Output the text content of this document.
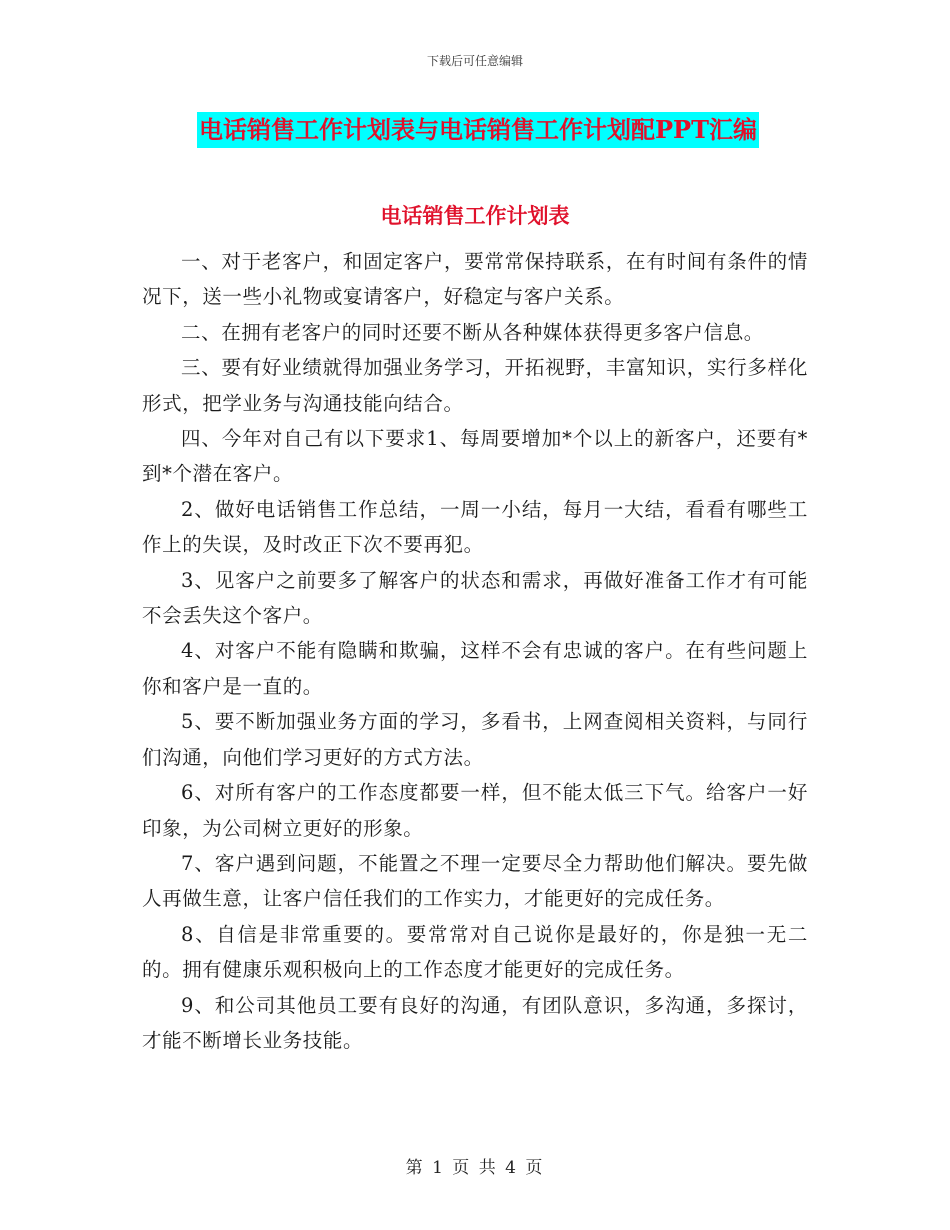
下载后可任意编辑
电话销售工作计划表与电话销售工作计划配PPT汇编
电话销售工作计划表

一、对于老客户，和固定客户，要常常保持联系，在有时间有条件的情况下，送一些小礼物或宴请客户，好稳定与客户关系。

二、在拥有老客户的同时还要不断从各种媒体获得更多客户信息。

三、要有好业绩就得加强业务学习，开拓视野，丰富知识，实行多样化形式，把学业务与沟通技能向结合。

四、今年对自己有以下要求1、每周要增加*个以上的新客户，还要有*到*个潜在客户。

2、做好电话销售工作总结，一周一小结，每月一大结，看看有哪些工作上的失误，及时改正下次不要再犯。

3、见客户之前要多了解客户的状态和需求，再做好准备工作才有可能不会丢失这个客户。

4、对客户不能有隐瞒和欺骗，这样不会有忠诚的客户。在有些问题上你和客户是一直的。

5、要不断加强业务方面的学习，多看书，上网查阅相关资料，与同行们沟通，向他们学习更好的方式方法。

6、对所有客户的工作态度都要一样，但不能太低三下气。给客户一好印象，为公司树立更好的形象。

7、客户遇到问题，不能置之不理一定要尽全力帮助他们解决。要先做人再做生意，让客户信任我们的工作实力，才能更好的完成任务。

8、自信是非常重要的。要常常对自己说你是最好的，你是独一无二的。拥有健康乐观积极向上的工作态度才能更好的完成任务。

9、和公司其他员工要有良好的沟通，有团队意识，多沟通，多探讨，才能不断增长业务技能。

第 1 页 共 4 页
